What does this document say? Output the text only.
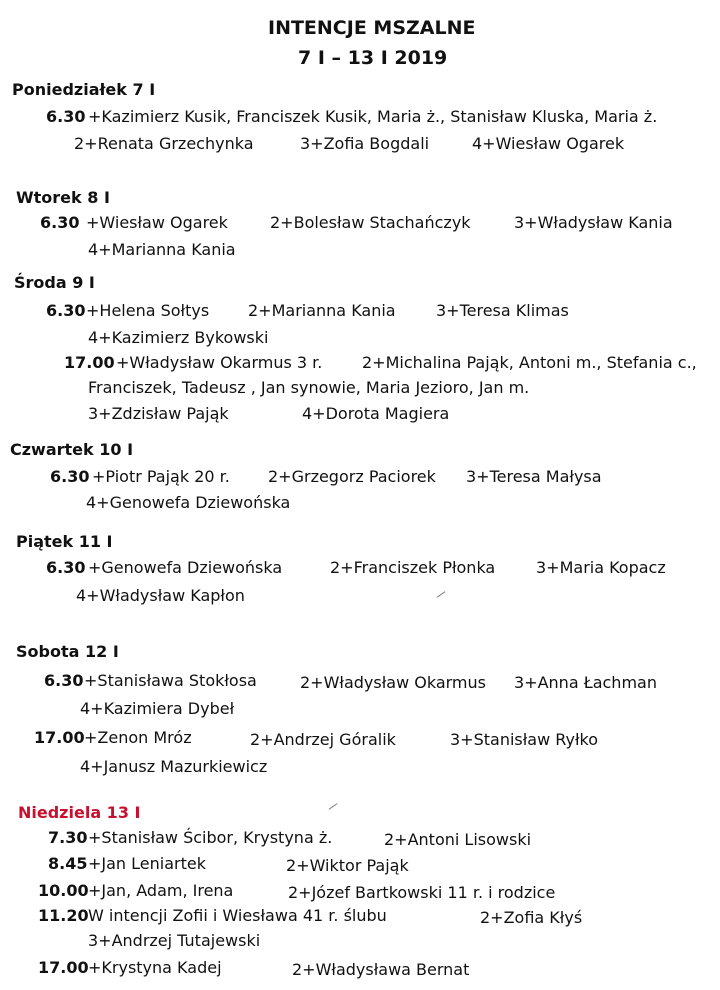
INTENCJE MSZALNE
7 I – 13 I 2019
Poniedziałek 7 I
6.30 +Kazimierz Kusik, Franciszek Kusik, Maria ż., Stanisław Kluska, Maria ż.
2+Renata Grzechynka	3+Zofia Bogdali	4+Wiesław Ogarek
Wtorek 8 I
6.30 +Wiesław Ogarek	2+Bolesław Stachańczyk	3+Władysław Kania
4+Marianna Kania
Środa 9 I
6.30 +Helena Sołtys 2+Marianna Kania	3+Teresa Klimas
4+Kazimierz Bykowski
17.00 +Władysław Okarmus 3 r. 2+Michalina Pająk, Antoni m., Stefania c.,
Franciszek, Tadeusz , Jan synowie, Maria Jezioro, Jan m.
3+Zdzisław Pająk	4+Dorota Magiera
Czwartek 10 I
6.30 +Piotr Pająk 20 r. 2+Grzegorz Paciorek 3+Teresa Małysa
4+Genowefa Dziewońska
Piątek 11 I
6.30 +Genowefa Dziewońska	2+Franciszek Płonka	3+Maria Kopacz
4+Władysław Kapłon
Sobota 12 I
6.30 +Stanisława Stokłosa	2+Władysław Okarmus 3+Anna Łachman
4+Kazimiera Dybeł
17.00 +Zenon Mróz	2+Andrzej Góralik	3+Stanisław Ryłko
4+Janusz Mazurkiewicz
Niedziela 13 I
7.30 +Stanisław Ścibor, Krystyna ż.	2+Antoni Lisowski
8.45 +Jan Leniartek	2+Wiktor Pająk
10.00 +Jan, Adam, Irena	2+Józef Bartkowski 11 r. i rodzice
11.20 W intencji Zofii i Wiesława 41 r. ślubu	2+Zofia Kłyś
3+Andrzej Tutajewski
17.00 +Krystyna Kadej	2+Władysława Bernat
